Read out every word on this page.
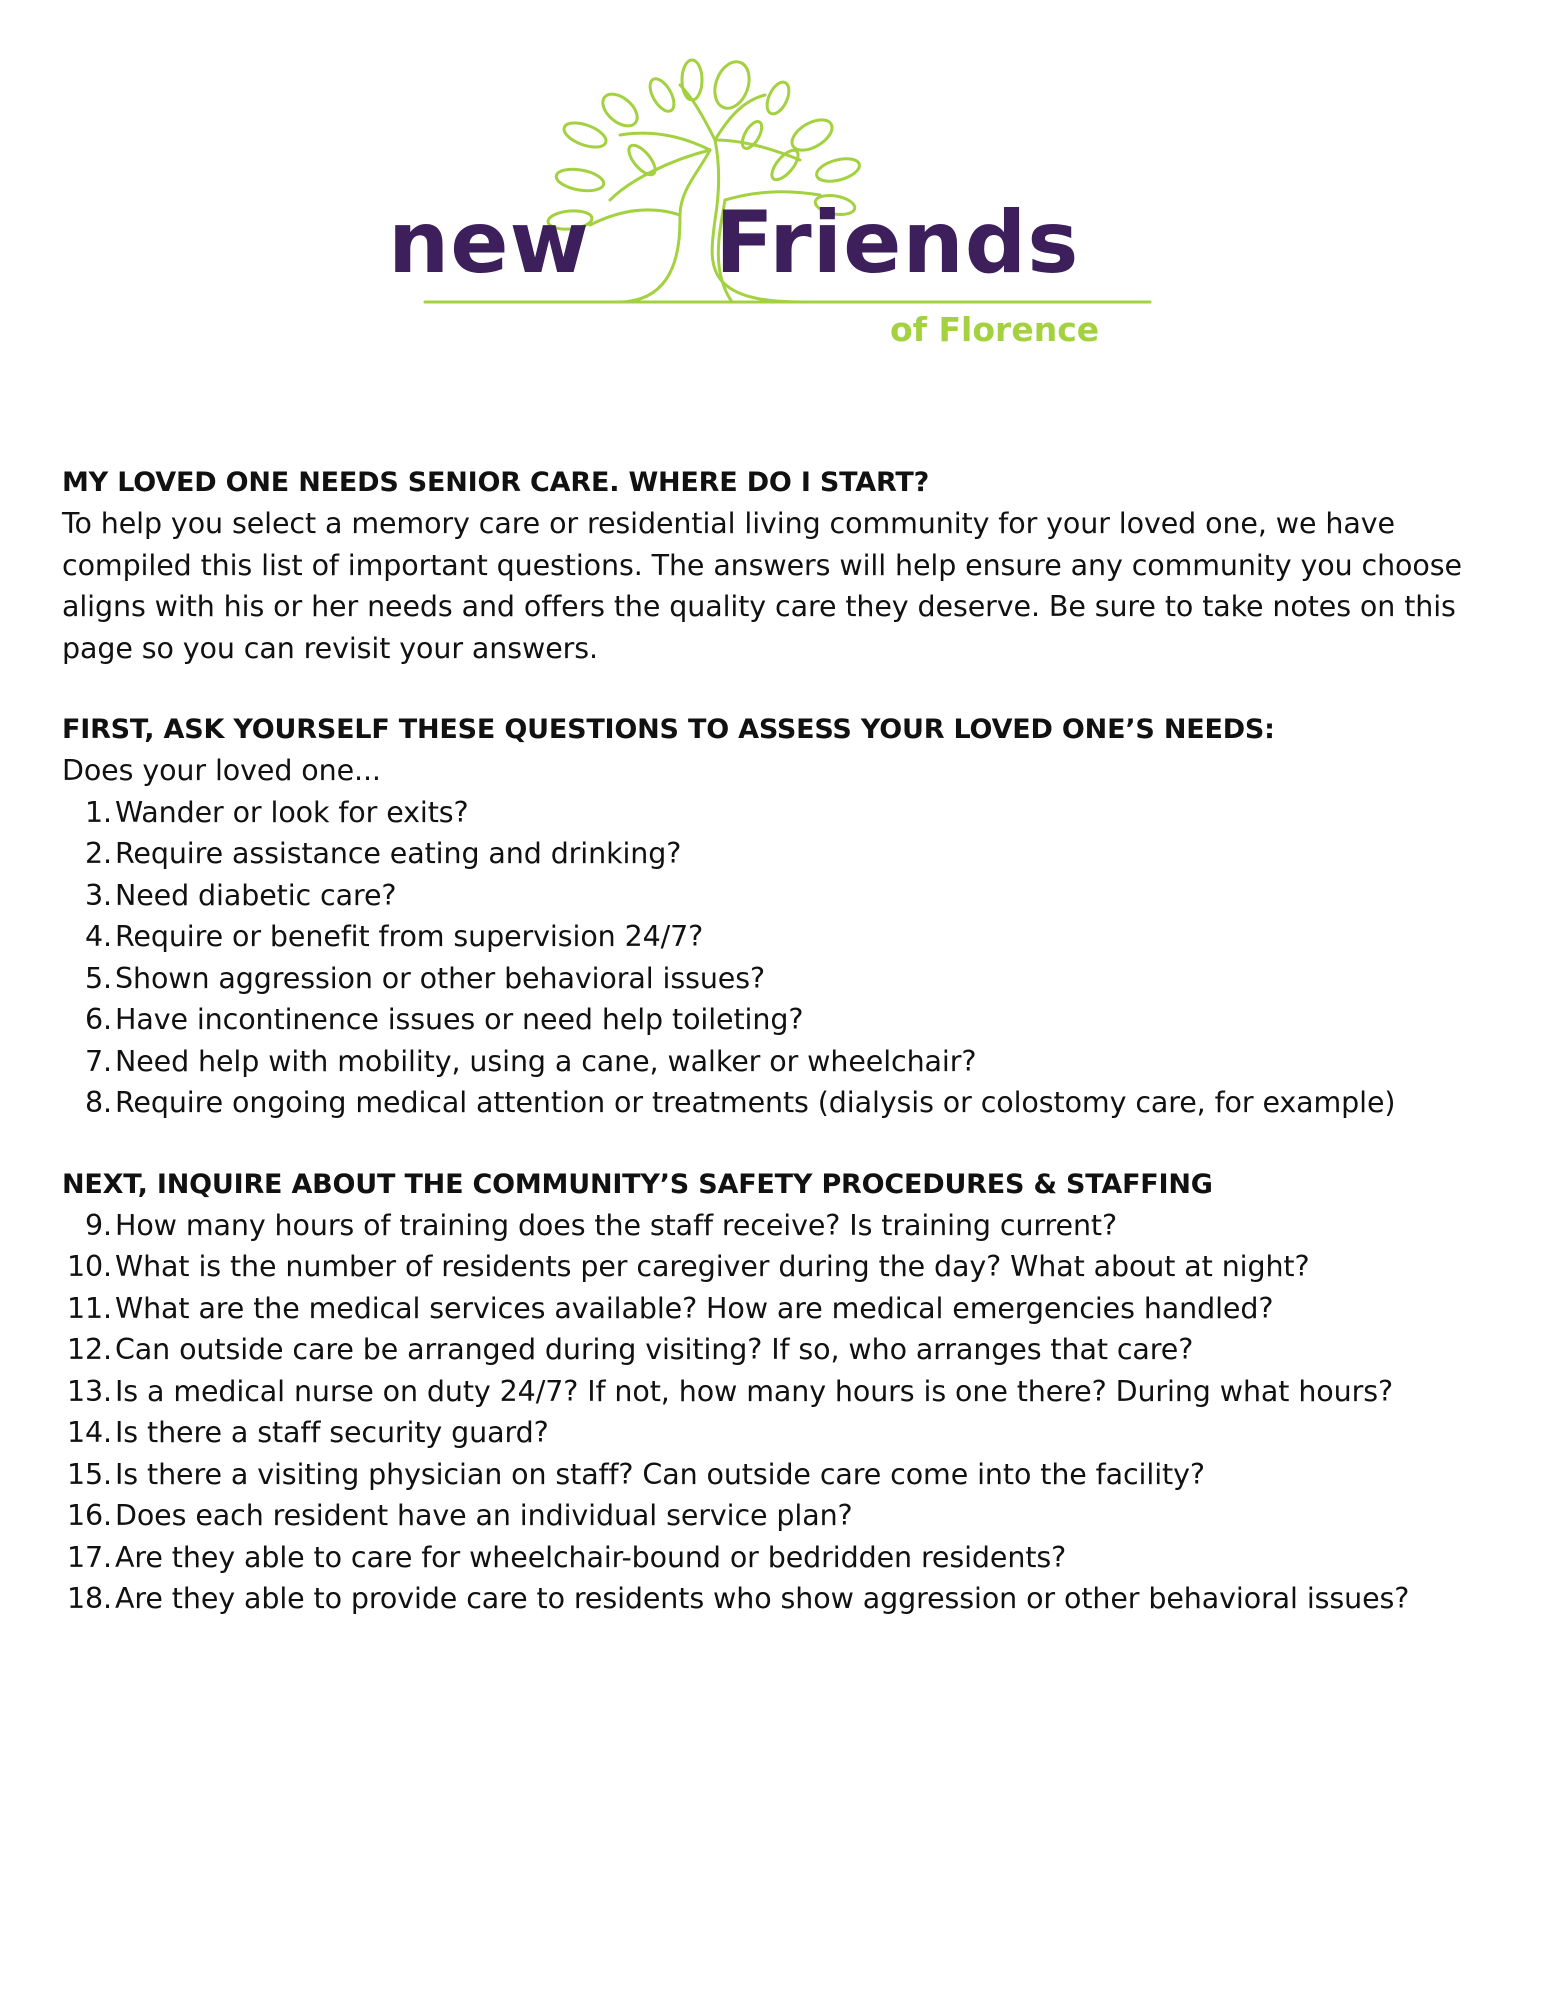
new Friends
of Florence

MY LOVED ONE NEEDS SENIOR CARE. WHERE DO I START?

To help you select a memory care or residential living community for your loved one, we have compiled this list of important questions. The answers will help ensure any community you choose aligns with his or her needs and offers the quality care they deserve. Be sure to take notes on this page so you can revisit your answers.

FIRST, ASK YOURSELF THESE QUESTIONS TO ASSESS YOUR LOVED ONE’S NEEDS:

Does your loved one...

1. Wander or look for exits?
2. Require assistance eating and drinking?
3. Need diabetic care?
4. Require or benefit from supervision 24/7?
5. Shown aggression or other behavioral issues?
6. Have incontinence issues or need help toileting?
7. Need help with mobility, using a cane, walker or wheelchair?
8. Require ongoing medical attention or treatments (dialysis or colostomy care, for example)

NEXT, INQUIRE ABOUT THE COMMUNITY’S SAFETY PROCEDURES & STAFFING

9. How many hours of training does the staff receive? Is training current?
10. What is the number of residents per caregiver during the day? What about at night?
11. What are the medical services available? How are medical emergencies handled?
12. Can outside care be arranged during visiting? If so, who arranges that care?
13. Is a medical nurse on duty 24/7? If not, how many hours is one there? During what hours?
14. Is there a staff security guard?
15. Is there a visiting physician on staff? Can outside care come into the facility?
16. Does each resident have an individual service plan?
17. Are they able to care for wheelchair-bound or bedridden residents?
18. Are they able to provide care to residents who show aggression or other behavioral issues?
